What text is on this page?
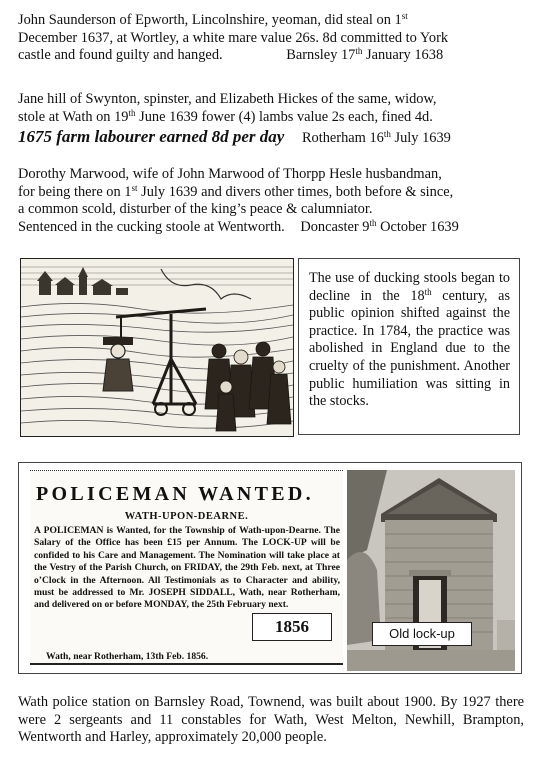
John Saunderson of Epworth, Lincolnshire, yeoman, did steal on 1st
December 1637, at Wortley, a white mare value 26s. 8d committed to York
castle and found guilty and hanged.	Barnsley 17th January 1638
Jane hill of Swynton, spinster, and Elizabeth Hickes of the same, widow,
stole at Wath on 19th June 1639 fower (4) lambs value 2s each, fined 4d.
1675 farm labourer earned 8d per day Rotherham 16th July 1639
Dorothy Marwood, wife of John Marwood of Thorpp Hesle husbandman,
for being there on 1st July 1639 and divers other times, both before & since,
a common scold, disturber of the king’s peace & calumniator.
Sentenced in the cucking stoole at Wentworth. Doncaster 9th October 1639

The use of ducking stools began to decline in the 18th century, as public opinion shifted against the practice. In 1784, the practice was abolished in England due to the cruelty of the punishment. Another public humiliation was sitting in the stocks.

POLICEMAN WANTED.
WATH-UPON-DEARNE.

A POLICEMAN is Wanted, for the Township of Wath-upon-Dearne. The Salary of the Office has been £15 per Annum. The LOCK-UP will be confided to his Care and Management. The Nomination will take place at the Vestry of the Parish Church, on FRIDAY, the 29th Feb. next, at Three o’Clock in the Afternoon. All Testimonials as to Character and ability, must be addressed to Mr. JOSEPH SIDDALL, Wath, near Rotherham, and delivered on or before MONDAY, the 25th February next.

Wath, near Rotherham, 13th Feb. 1856.
1856	Old lock-up

Wath police station on Barnsley Road, Townend, was built about 1900. By 1927 there were 2 sergeants and 11 constables for Wath, West Melton, Newhill, Brampton, Wentworth and Harley, approximately 20,000 people.
